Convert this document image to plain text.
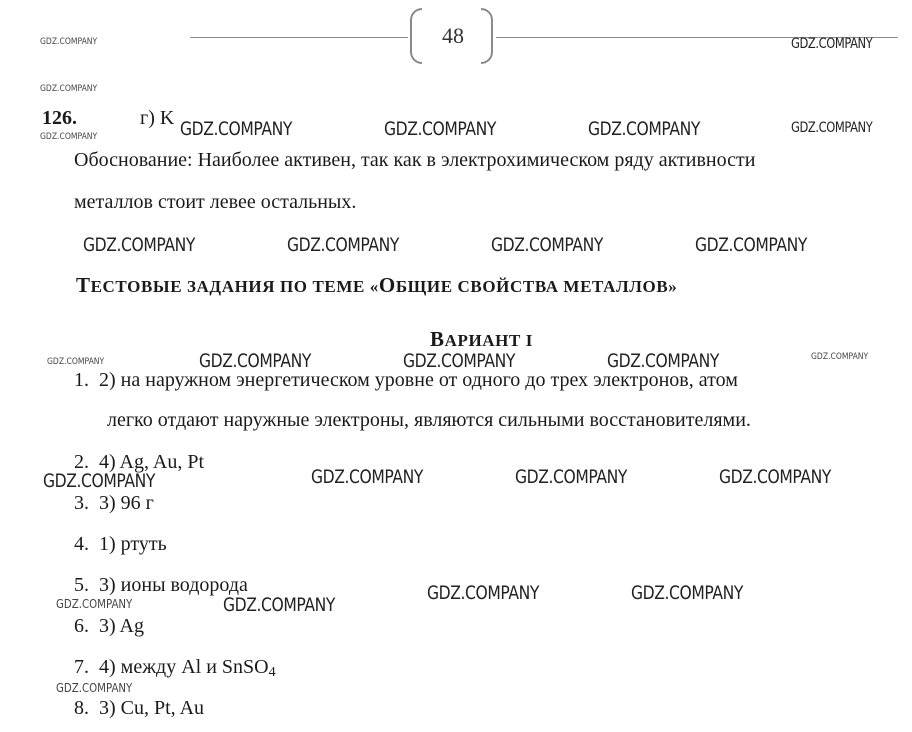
48
GDZ.COMPANY
GDZ.COMPANY
GDZ.COMPANY
GDZ.COMPANY
GDZ.COMPANY
GDZ.COMPANY	GDZ.COMPANY
GDZ.COMPANY
GDZ.COMPANY
126.	г) K
Обоснование: Наиболее активен, так как в электрохимическом ряду активности
металлов стоит левее остальных.
ТЕСТОВЫЕ ЗАДАНИЯ ПО ТЕМЕ «ОБЩИЕ СВОЙСТВА МЕТАЛЛОВ»
ВАРИАНТ I
1. 2) на наружном энергетическом уровне от одного до трех электронов, атом
легко отдают наружные электроны, являются сильными восстановителями.
2. 4) Ag, Au, Pt
3. 3) 96 г
4. 1) ртуть
5. 3) ионы водорода
6. 3) Ag
7. 4) между Al и SnSO$_4$
8. 3) Cu, Pt, Au
GDZ.COMPANY	GDZ.COMPANY	GDZ.COMPANY
GDZ.COMPANY	GDZ.COMPANY	GDZ.COMPANY	GDZ.COMPANY
GDZ.COMPANY	GDZ.COMPANY	GDZ.COMPANY
GDZ.COMPANY	GDZ.COMPANY	GDZ.COMPANY	GDZ.COMPANY
GDZ.COMPANY
GDZ.COMPANY	GDZ.COMPANY
